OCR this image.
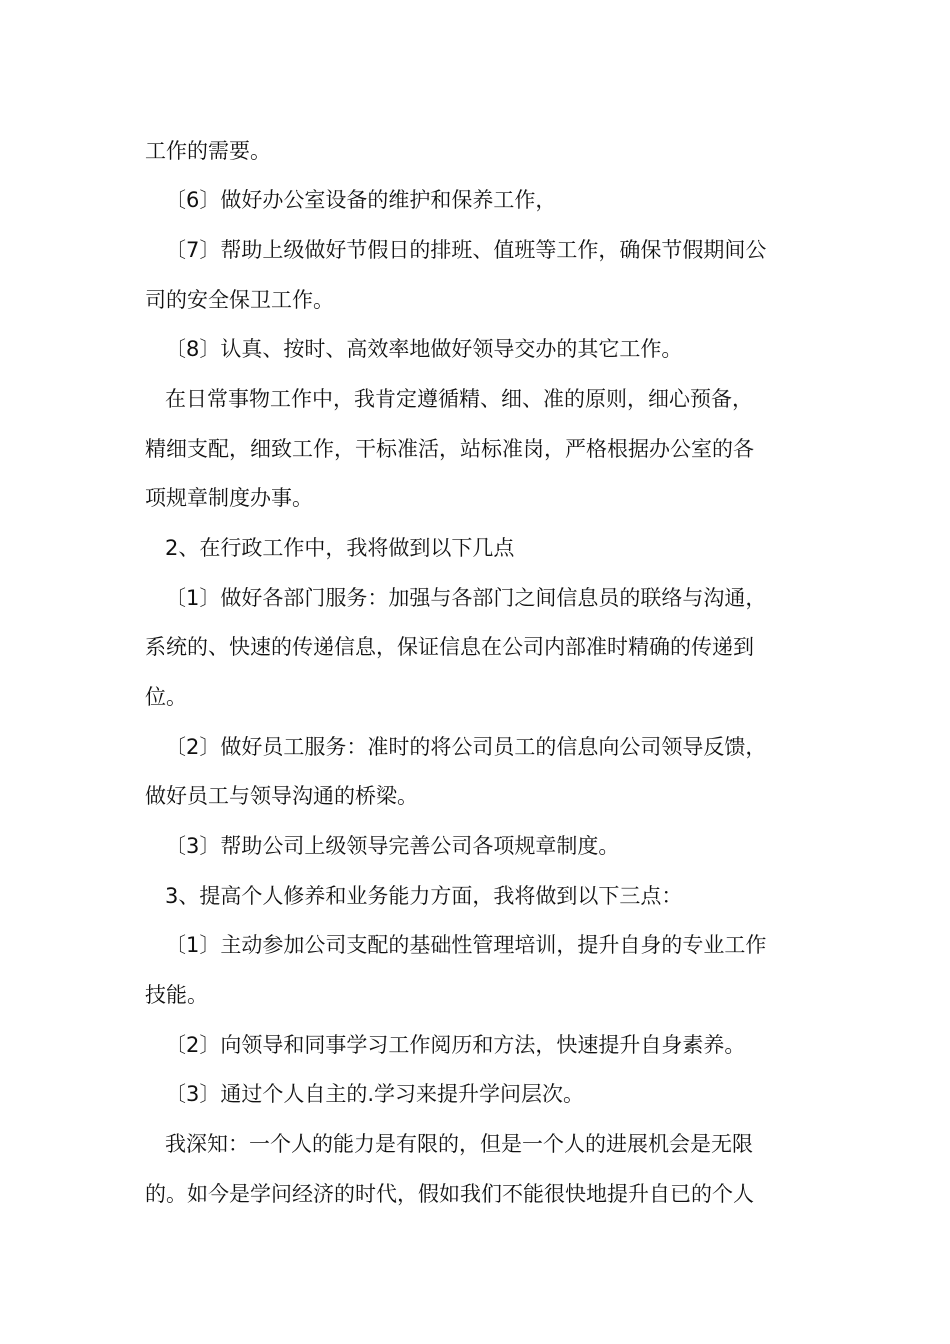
工作的需要。
〔6〕做好办公室设备的维护和保养工作，
〔7〕帮助上级做好节假日的排班、值班等工作，确保节假期间公
司的安全保卫工作。
〔8〕认真、按时、高效率地做好领导交办的其它工作。
在日常事物工作中，我肯定遵循精、细、准的原则，细心预备，
精细支配，细致工作，干标准活，站标准岗，严格根据办公室的各
项规章制度办事。
2、在行政工作中，我将做到以下几点
〔1〕做好各部门服务：加强与各部门之间信息员的联络与沟通，
系统的、快速的传递信息，保证信息在公司内部准时精确的传递到
位。
〔2〕做好员工服务：准时的将公司员工的信息向公司领导反馈，
做好员工与领导沟通的桥梁。
〔3〕帮助公司上级领导完善公司各项规章制度。
3、提高个人修养和业务能力方面，我将做到以下三点：
〔1〕主动参加公司支配的基础性管理培训，提升自身的专业工作
技能。
〔2〕向领导和同事学习工作阅历和方法，快速提升自身素养。
〔3〕通过个人自主的.学习来提升学问层次。
我深知：一个人的能力是有限的，但是一个人的进展机会是无限
的。如今是学问经济的时代，假如我们不能很快地提升自已的个人
